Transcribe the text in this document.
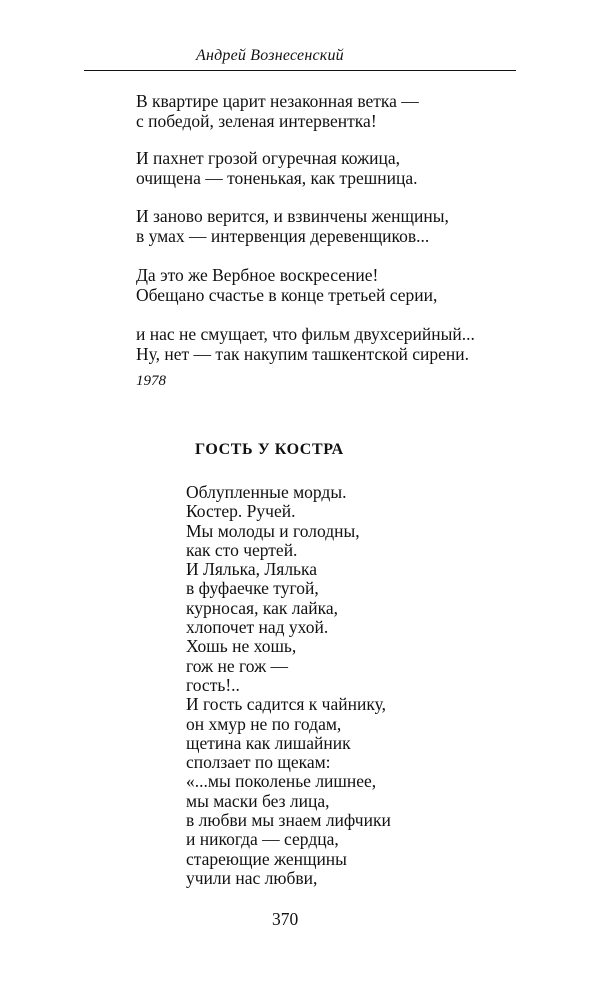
Андрей Вознесенский
В квартире царит незаконная ветка —
с победой, зеленая интервентка!
И пахнет грозой огуречная кожица,
очищена — тоненькая, как трешница.
И заново верится, и взвинчены женщины,
в умах — интервенция деревенщиков...
Да это же Вербное воскресение!
Обещано счастье в конце третьей серии,
и нас не смущает, что фильм двухсерийный...
Ну, нет — так накупим ташкентской сирени.
1978
ГОСТЬ У КОСТРА
Облупленные морды.
Костер. Ручей.
Мы молоды и голодны,
как сто чертей.
И Лялька, Лялька
в фуфаечке тугой,
курносая, как лайка,
хлопочет над ухой.
Хошь не хошь,
гож не гож —
гость!..
И гость садится к чайнику,
он хмур не по годам,
щетина как лишайник
сползает по щекам:
«...мы поколенье лишнее,
мы маски без лица,
в любви мы знаем лифчики
и никогда — сердца,
стареющие женщины
учили нас любви,
370
